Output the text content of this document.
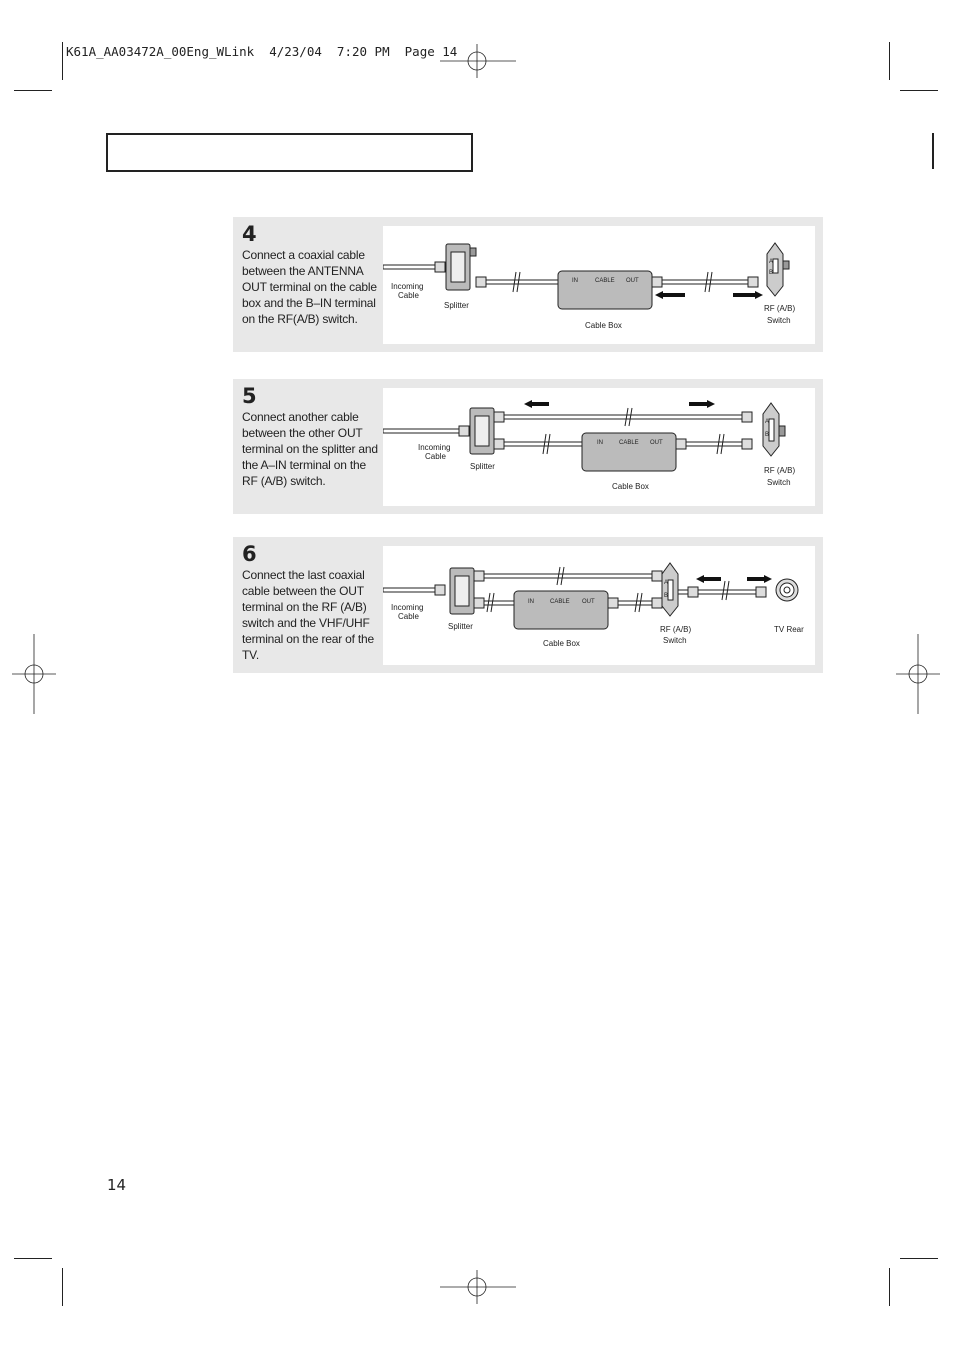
K61A_AA03472A_00Eng_WLink  4/23/04  7:20 PM  Page 14
4
Connect a coaxial cable between the ANTENNA OUT terminal on the cable box and the B–IN terminal on the RF(A/B) switch.
IN	CABLE OUT
A
B
Incoming
Cable
Splitter
Cable Box
RF (A/B)
Switch
5
Connect another cable between the other OUT terminal on the splitter and the A–IN terminal on the RF (A/B) switch.
IN	CABLE OUT
A
B
Incoming
Cable
Splitter
Cable Box
RF (A/B)
Switch
6
Connect the last coaxial cable between the OUT terminal on the RF (A/B) switch and the VHF/UHF terminal on the rear of the TV.
IN	CABLE OUT
A
B
Incoming
Cable
Splitter
Cable Box
RF (A/B)
Switch
TV Rear
14
